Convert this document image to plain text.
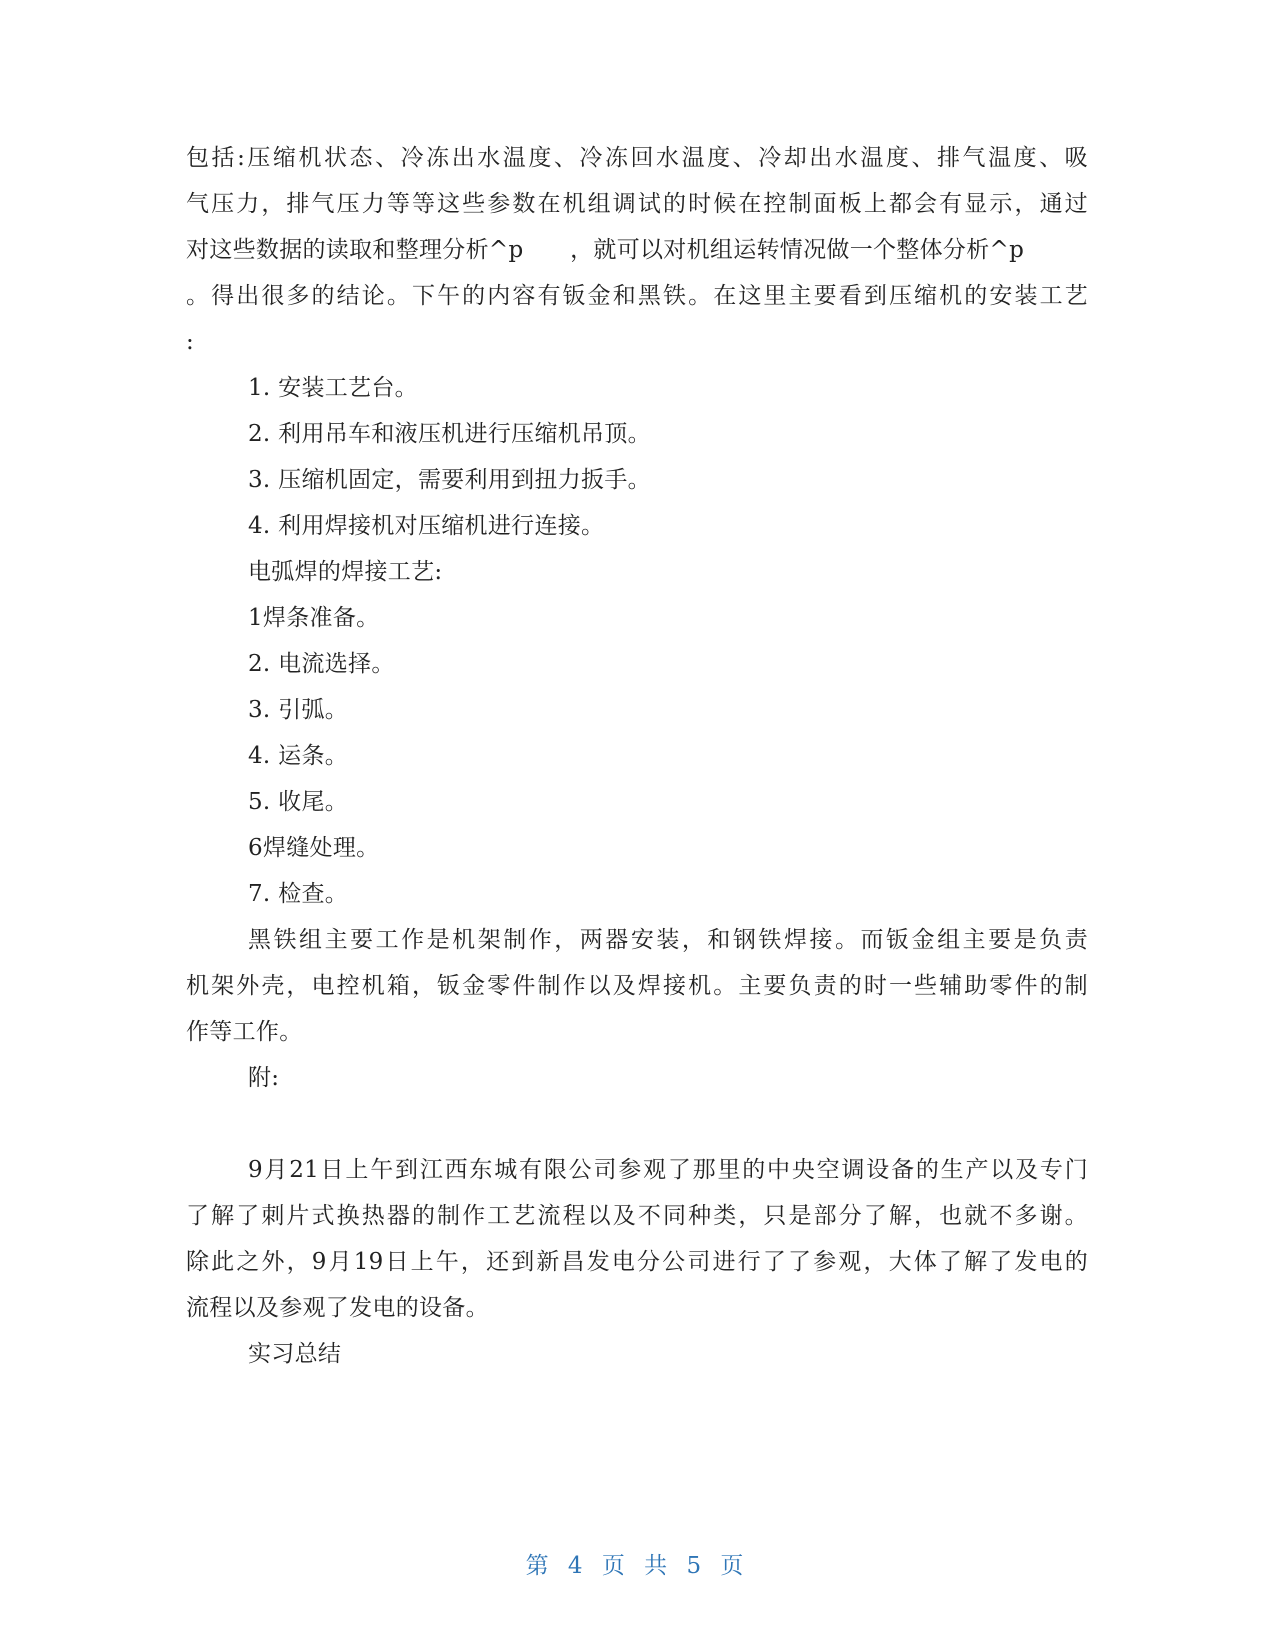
包括:压缩机状态、冷冻出水温度、冷冻回水温度、冷却出水温度、排气温度、吸
气压力，排气压力等等这些参数在机组调试的时候在控制面板上都会有显示，通过
对这些数据的读取和整理分析^p　　，就可以对机组运转情况做一个整体分析^p
。得出很多的结论。下午的内容有钣金和黑铁。在这里主要看到压缩机的安装工艺
:
1. 安装工艺台。
2. 利用吊车和液压机进行压缩机吊顶。
3. 压缩机固定，需要利用到扭力扳手。
4. 利用焊接机对压缩机进行连接。
电弧焊的焊接工艺:
1焊条准备。
2. 电流选择。
3. 引弧。
4. 运条。
5. 收尾。
6焊缝处理。
7. 检查。
黑铁组主要工作是机架制作，两器安装，和钢铁焊接。而钣金组主要是负责
机架外壳，电控机箱，钣金零件制作以及焊接机。主要负责的时一些辅助零件的制
作等工作。
附:
9月21日上午到江西东城有限公司参观了那里的中央空调设备的生产以及专门
了解了刺片式换热器的制作工艺流程以及不同种类，只是部分了解，也就不多谢。
除此之外，9月19日上午，还到新昌发电分公司进行了了参观，大体了解了发电的
流程以及参观了发电的设备。
实习总结
第 4 页 共 5 页
